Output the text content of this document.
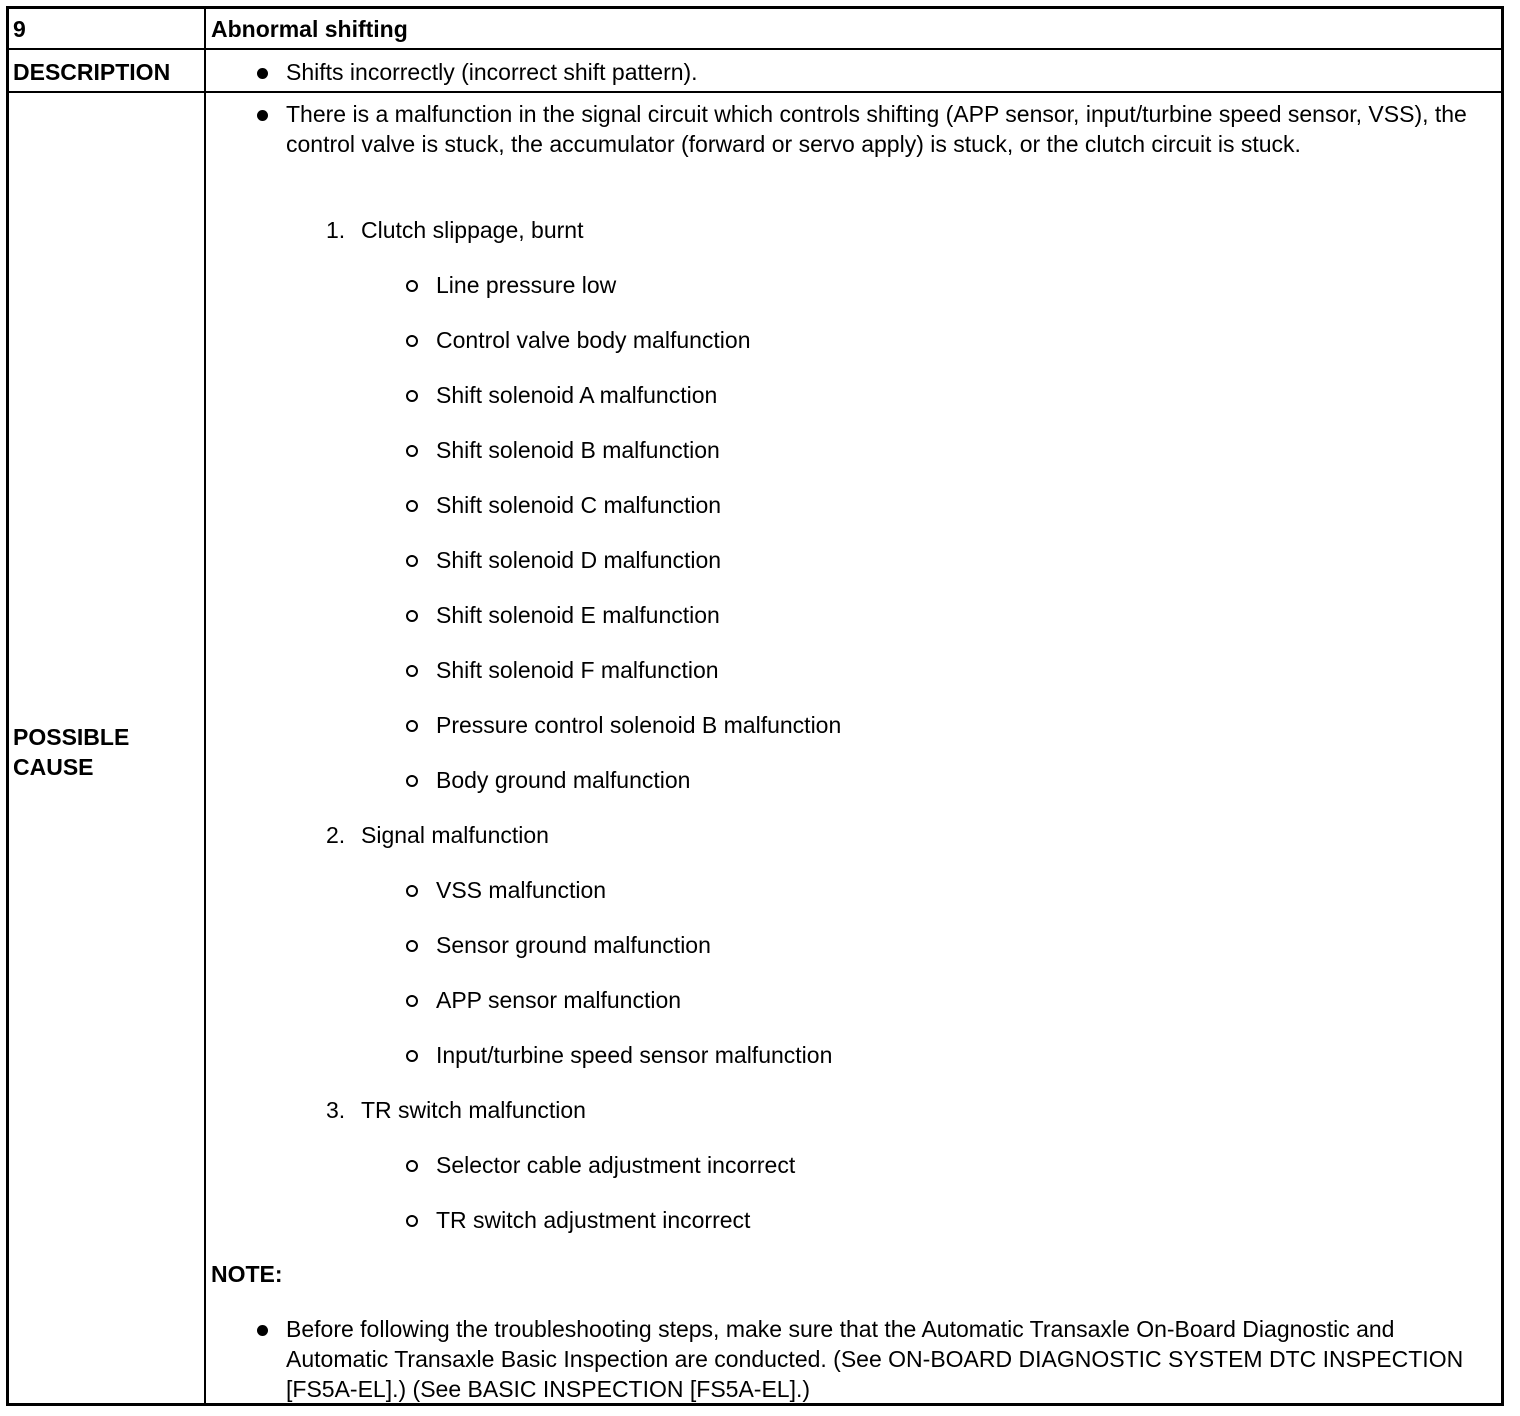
9	Abnormal shifting
DESCRIPTION	Shifts incorrectly (incorrect shift pattern).
POSSIBLE
CAUSE
There is a malfunction in the signal circuit which controls shifting (APP sensor, input/turbine speed sensor, VSS), the control valve is stuck, the accumulator (forward or servo apply) is stuck, or the clutch circuit is stuck.
1. Clutch slippage, burnt
Line pressure low
Control valve body malfunction
Shift solenoid A malfunction
Shift solenoid B malfunction
Shift solenoid C malfunction
Shift solenoid D malfunction
Shift solenoid E malfunction
Shift solenoid F malfunction
Pressure control solenoid B malfunction
Body ground malfunction
2. Signal malfunction
VSS malfunction
Sensor ground malfunction
APP sensor malfunction
Input/turbine speed sensor malfunction
3. TR switch malfunction
Selector cable adjustment incorrect
TR switch adjustment incorrect
NOTE:
Before following the troubleshooting steps, make sure that the Automatic Transaxle On-Board Diagnostic and Automatic Transaxle Basic Inspection are conducted. (See ON-BOARD DIAGNOSTIC SYSTEM DTC INSPECTION [FS5A-EL].) (See BASIC INSPECTION [FS5A-EL].)
